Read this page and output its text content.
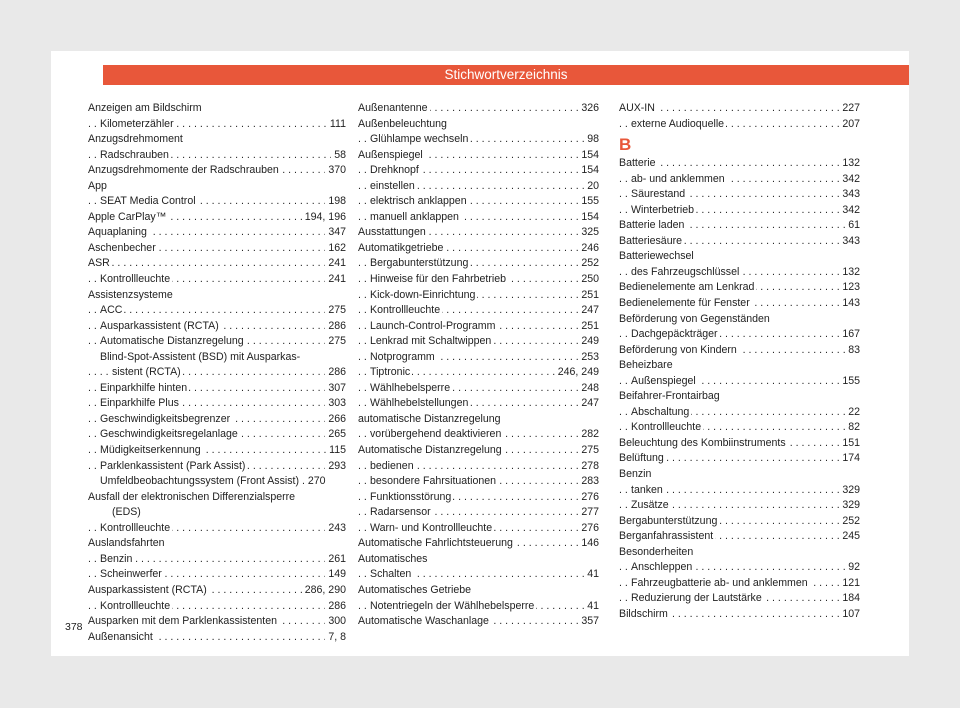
Stichwortverzeichnis
Anzeigen am Bildschirm
Kilometerzähler	111
. . .
Anzugsdrehmoment
Radschrauben	58
. . .
Anzugsdrehmomente der Radschrauben	370
. . .
App
SEAT Media Control	198
. . .
Apple CarPlay™	194, 196
. . .
Aquaplaning	347
. . .
Aschenbecher	162
. . .
ASR	241
. . .
Kontrollleuchte	241
. . .
Assistenzsysteme
ACC	275
. . .
Ausparkassistent (RCTA)	286
. . .
Automatische Distanzregelung	275
. . .
Blind-Spot-Assistent (BSD) mit Ausparkas-
sistent (RCTA)	286
. . .
Einparkhilfe hinten	307
. . .
Einparkhilfe Plus	303
. . .
Geschwindigkeitsbegrenzer	266
. . .
Geschwindigkeitsregelanlage	265
. . .
Müdigkeitserkennung	115
. . .
Parklenkassistent (Park Assist)	293
. . .
Umfeldbeobachtungssystem (Front Assist) . 270
Ausfall der elektronischen Differenzialsperre
(EDS)
Kontrollleuchte	243
. . .
Auslandsfahrten
Benzin	261
. . .
Scheinwerfer	149
. . .
Ausparkassistent (RCTA)	286, 290
. . .
Kontrollleuchte	286
. . .
Ausparken mit dem Parklenkassistenten	300
. . .
Außenansicht	7, 8
. . .
Außenantenne	326
. . .
Außenbeleuchtung
Glühlampe wechseln	98
. . .
Außenspiegel	154
. . .
Drehknopf	154
. . .
einstellen	20
. . .
elektrisch anklappen	155
. . .
manuell anklappen	154
. . .
Ausstattungen	325
. . .
Automatikgetriebe	246
. . .
Bergabunterstützung	252
. . .
Hinweise für den Fahrbetrieb	250
. . .
Kick-down-Einrichtung	251
. . .
Kontrollleuchte	247
. . .
Launch-Control-Programm	251
. . .
Lenkrad mit Schaltwippen	249
. . .
Notprogramm	253
. . .
Tiptronic	246, 249
. . .
Wählhebelsperre	248
. . .
Wählhebelstellungen	247
. . .
automatische Distanzregelung
vorübergehend deaktivieren	282
. . .
Automatische Distanzregelung	275
. . .
bedienen	278
. . .
besondere Fahrsituationen	283
. . .
Funktionsstörung	276
. . .
Radarsensor	277
. . .
Warn- und Kontrollleuchte	276
. . .
Automatische Fahrlichtsteuerung	146
. . .
Automatisches
Schalten	41
. . .
Automatisches Getriebe
Notentriegeln der Wählhebelsperre	41
. . .
Automatische Waschanlage	357
. . .
AUX-IN	227
. . .
externe Audioquelle	207
. . .
B
Batterie	132
. . .
ab- und anklemmen	342
. . .
Säurestand	343
. . .
Winterbetrieb	342
. . .
Batterie laden	61
. . .
Batteriesäure	343
. . .
Batteriewechsel
des Fahrzeugschlüssel	132
. . .
Bedienelemente am Lenkrad	123
. . .
Bedienelemente für Fenster	143
. . .
Beförderung von Gegenständen
Dachgepäckträger	167
. . .
Beförderung von Kindern	83
. . .
Beheizbare
Außenspiegel	155
. . .
Beifahrer-Frontairbag
Abschaltung	22
. . .
Kontrollleuchte	82
. . .
Beleuchtung des Kombiinstruments	151
. . .
Belüftung	174
. . .
Benzin
tanken	329
. . .
Zusätze	329
. . .
Bergabunterstützung	252
. . .
Berganfahrassistent	245
. . .
Besonderheiten
Anschleppen	92
. . .
Fahrzeugbatterie ab- und anklemmen	121
. . .
Reduzierung der Lautstärke	184
. . .
Bildschirm	107
. . .
378
